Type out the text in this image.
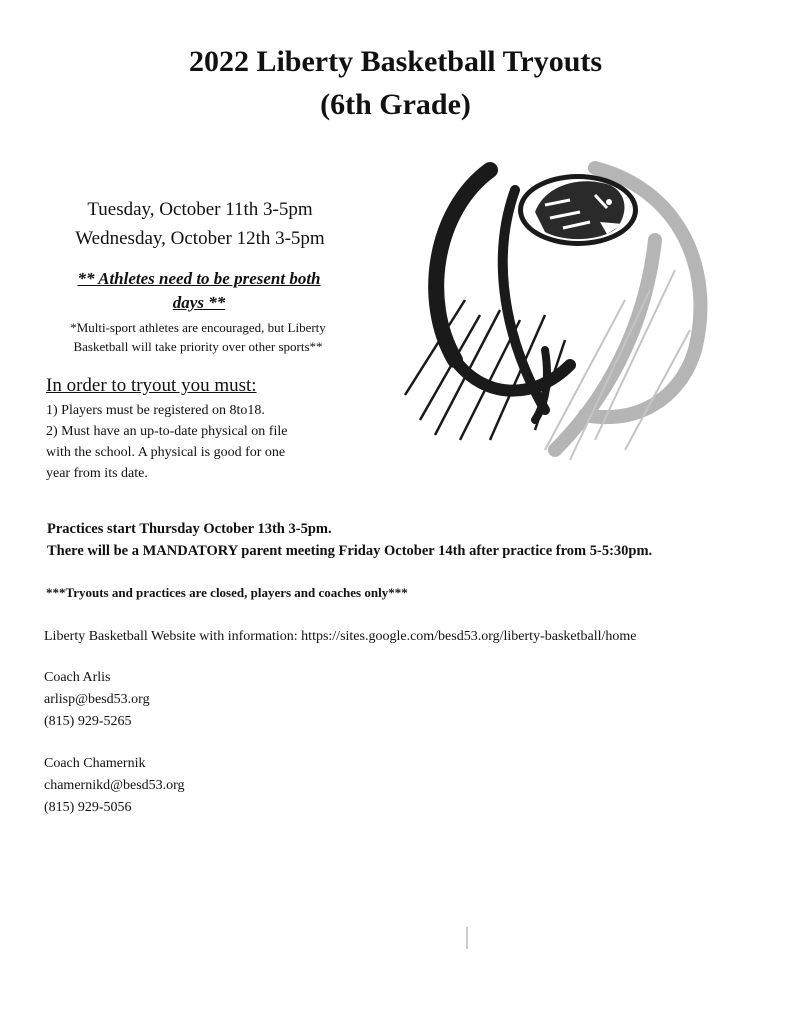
2022 Liberty Basketball Tryouts
(6th Grade)
Tuesday, October 11th 3-5pm
Wednesday, October 12th 3-5pm
** Athletes need to be present both
days **
*Multi-sport athletes are encouraged, but Liberty
Basketball will take priority over other sports**
In order to tryout you must:
1) Players must be registered on 8to18.
2) Must have an up-to-date physical on file
with the school. A physical is good for one
year from its date.
Practices start Thursday October 13th 3-5pm.
There will be a MANDATORY parent meeting Friday October 14th after practice from 5-5:30pm.
***Tryouts and practices are closed, players and coaches only***
Liberty Basketball Website with information: https://sites.google.com/besd53.org/liberty-basketball/home
Coach Arlis
arlisp@besd53.org
(815) 929-5265
Coach Chamernik
chamernikd@besd53.org
(815) 929-5056
